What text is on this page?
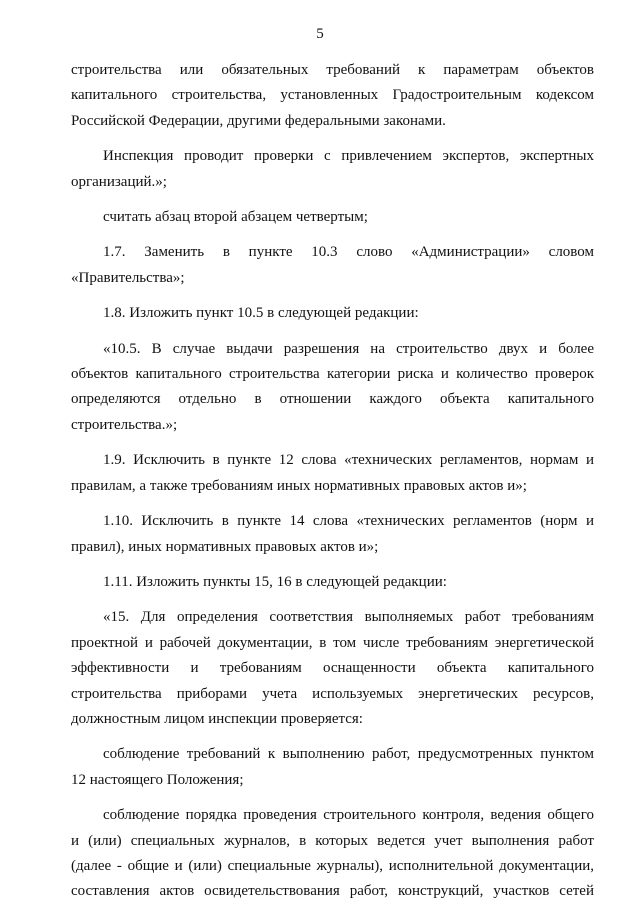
5
строительства или обязательных требований к параметрам объектов
капитального строительства, установленных Градостроительным кодексом
Российской Федерации, другими федеральными законами.
Инспекция проводит проверки с привлечением экспертов, экспертных
организаций.»;
считать абзац второй абзацем четвертым;
1.7. Заменить в пункте 10.3 слово «Администрации» словом
«Правительства»;
1.8. Изложить пункт 10.5 в следующей редакции:
«10.5. В случае выдачи разрешения на строительство двух и более
объектов капитального строительства категории риска и количество проверок
определяются отдельно в отношении каждого объекта капитального
строительства.»;
1.9. Исключить в пункте 12 слова «технических регламентов, нормам и
правилам, а также требованиям иных нормативных правовых актов и»;
1.10. Исключить в пункте 14 слова «технических регламентов (норм и
правил), иных нормативных правовых актов и»;
1.11. Изложить пункты 15, 16 в следующей редакции:
«15. Для определения соответствия выполняемых работ требованиям
проектной и рабочей документации, в том числе требованиям энергетической
эффективности и требованиям оснащенности объекта капитального
строительства приборами учета используемых энергетических ресурсов,
должностным лицом инспекции проверяется:
соблюдение требований к выполнению работ, предусмотренных пунктом
12 настоящего Положения;
соблюдение порядка проведения строительного контроля, ведения общего
и (или) специальных журналов, в которых ведется учет выполнения работ
(далее - общие и (или) специальные журналы), исполнительной документации,
составления актов освидетельствования работ, конструкций, участков сетей
